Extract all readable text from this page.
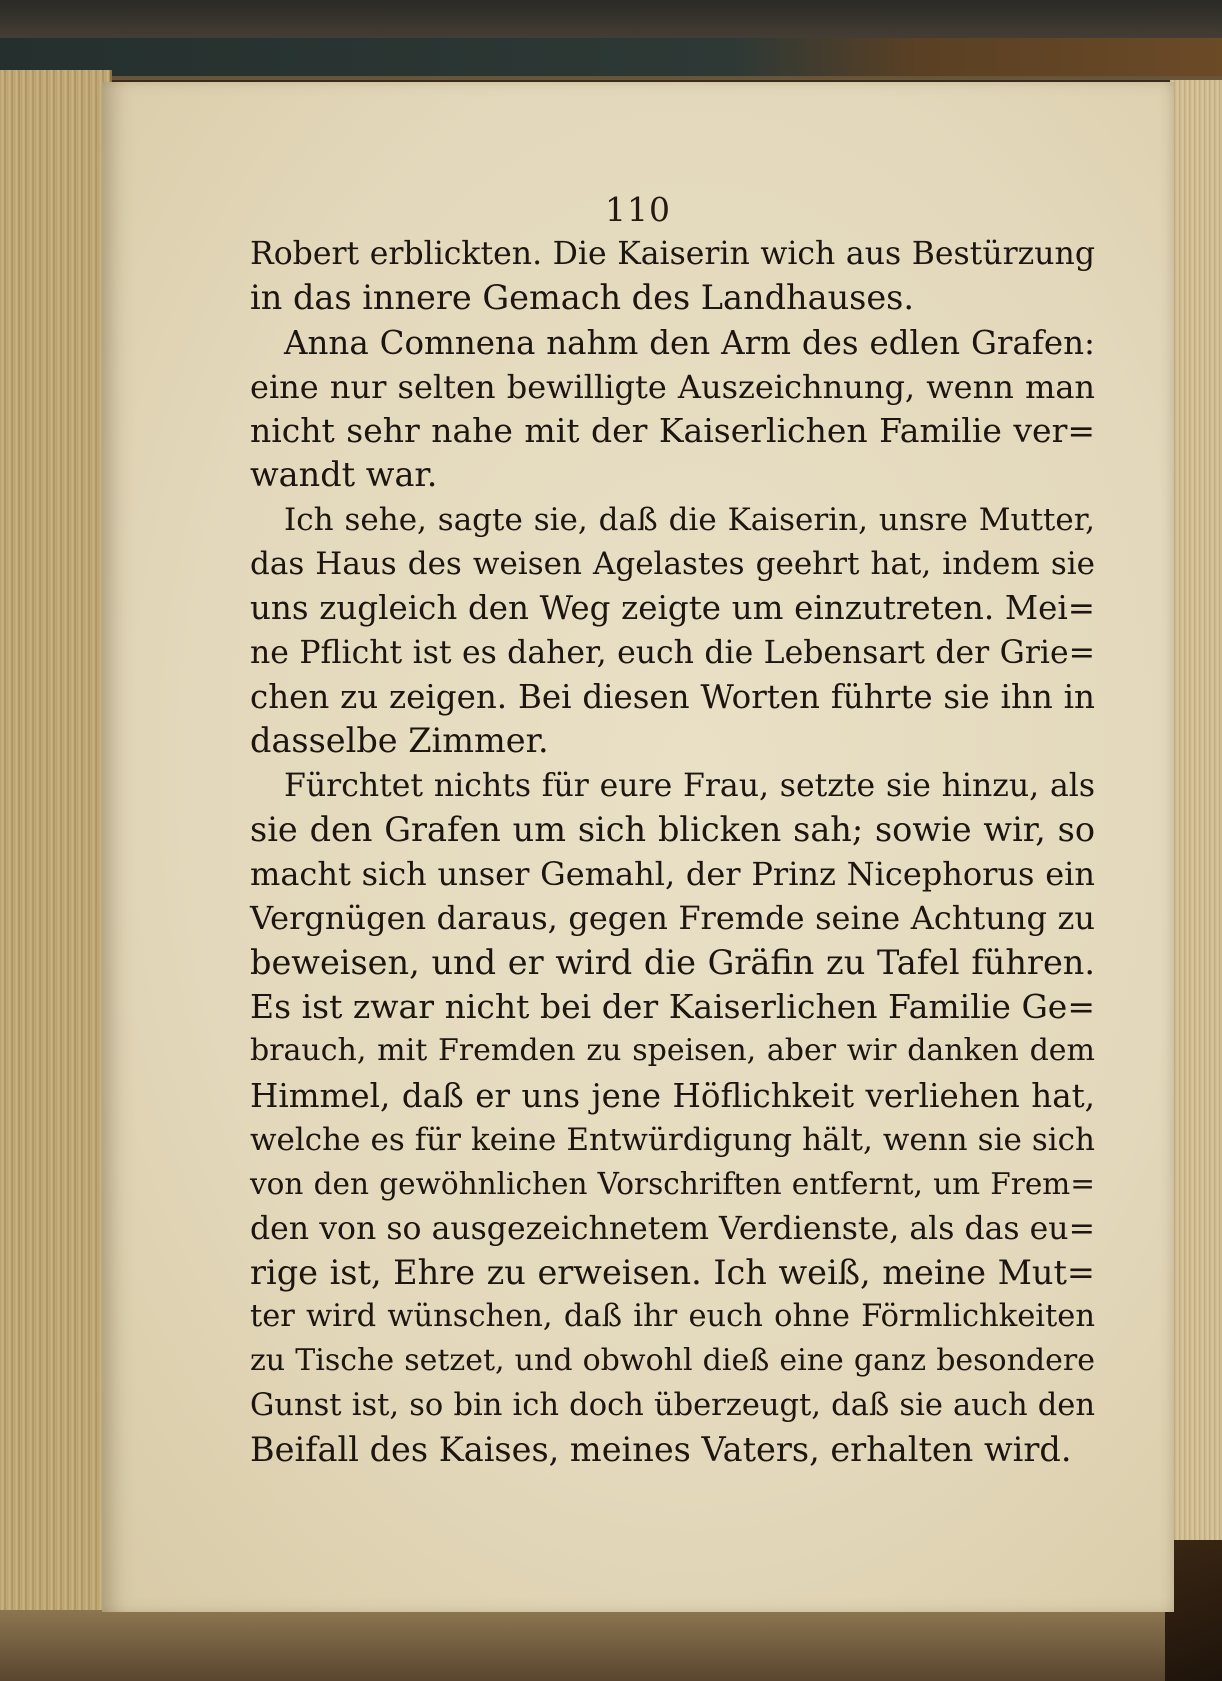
110
Robert erblickten. Die Kaiserin wich aus Bestürzung
in das innere Gemach des Landhauses.
Anna Comnena nahm den Arm des edlen Grafen:
eine nur selten bewilligte Auszeichnung, wenn man
nicht sehr nahe mit der Kaiserlichen Familie ver=
wandt war.
Ich sehe, sagte sie, daß die Kaiserin, unsre Mutter,
das Haus des weisen Agelastes geehrt hat, indem sie
uns zugleich den Weg zeigte um einzutreten. Mei=
ne Pflicht ist es daher, euch die Lebensart der Grie=
chen zu zeigen. Bei diesen Worten führte sie ihn in
dasselbe Zimmer.
Fürchtet nichts für eure Frau, setzte sie hinzu, als
sie den Grafen um sich blicken sah; sowie wir, so
macht sich unser Gemahl, der Prinz Nicephorus ein
Vergnügen daraus, gegen Fremde seine Achtung zu
beweisen, und er wird die Gräfin zu Tafel führen.
Es ist zwar nicht bei der Kaiserlichen Familie Ge=
brauch, mit Fremden zu speisen, aber wir danken dem
Himmel, daß er uns jene Höflichkeit verliehen hat,
welche es für keine Entwürdigung hält, wenn sie sich
von den gewöhnlichen Vorschriften entfernt, um Frem=
den von so ausgezeichnetem Verdienste, als das eu=
rige ist, Ehre zu erweisen. Ich weiß, meine Mut=
ter wird wünschen, daß ihr euch ohne Förmlichkeiten
zu Tische setzet, und obwohl dieß eine ganz besondere
Gunst ist, so bin ich doch überzeugt, daß sie auch den
Beifall des Kaises, meines Vaters, erhalten wird.
